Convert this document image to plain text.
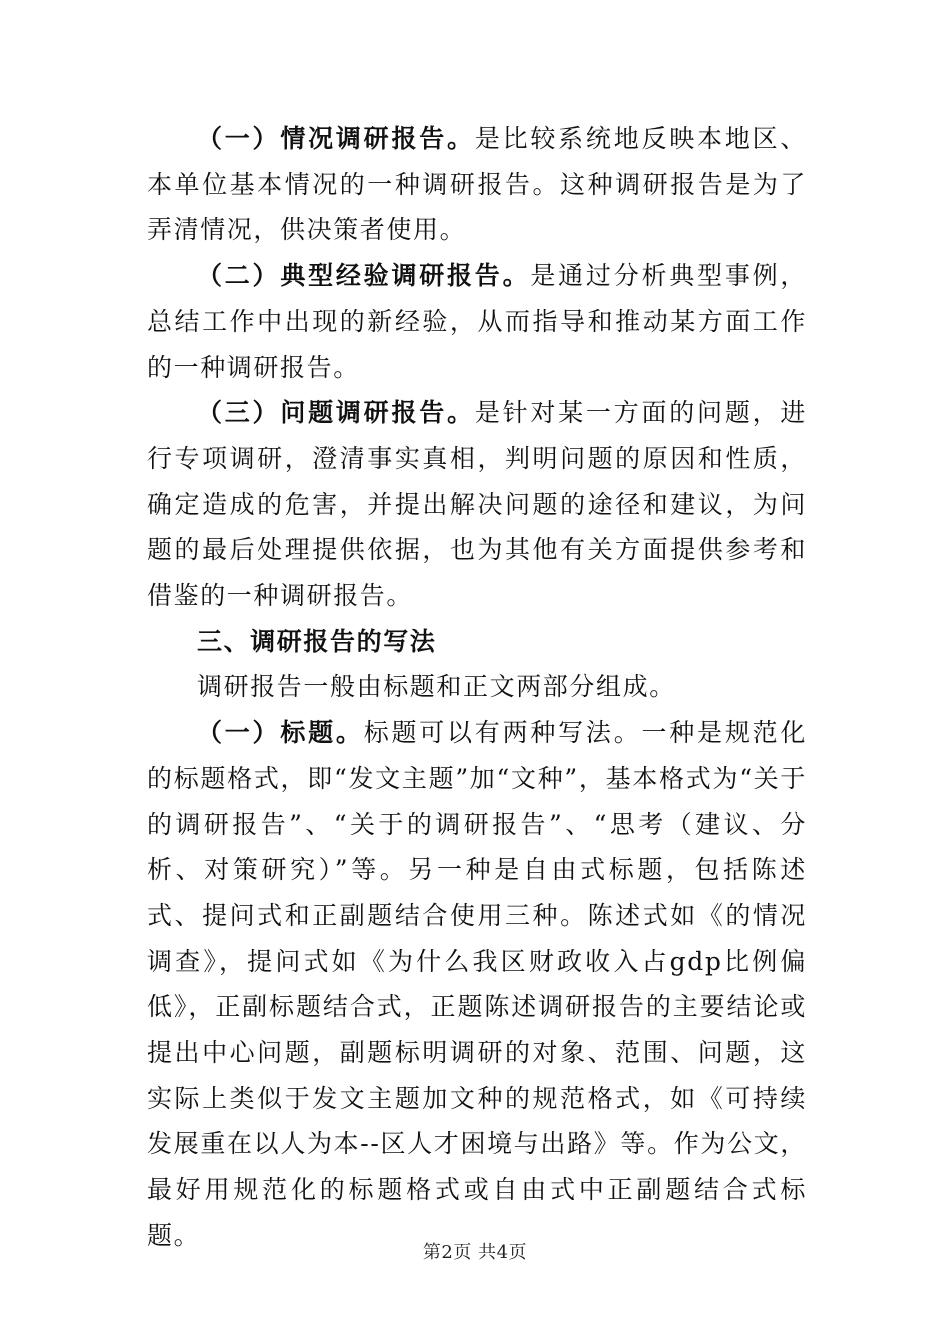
（一）情况调研报告。是比较系统地反映本地区、本单位基本情况的一种调研报告。这种调研报告是为了弄清情况，供决策者使用。

（二）典型经验调研报告。是通过分析典型事例，总结工作中出现的新经验，从而指导和推动某方面工作的一种调研报告。

（三）问题调研报告。是针对某一方面的问题，进行专项调研，澄清事实真相，判明问题的原因和性质，确定造成的危害，并提出解决问题的途径和建议，为问题的最后处理提供依据，也为其他有关方面提供参考和借鉴的一种调研报告。

三、调研报告的写法

调研报告一般由标题和正文两部分组成。

（一）标题。标题可以有两种写法。一种是规范化的标题格式，即“发文主题”加“文种”，基本格式为“关于的调研报告”、“关于的调研报告”、“思考（建议、分析、对策研究）”等。另一种是自由式标题，包括陈述式、提问式和正副题结合使用三种。陈述式如《的情况调查》，提问式如《为什么我区财政收入占gdp比例偏低》，正副标题结合式，正题陈述调研报告的主要结论或提出中心问题，副题标明调研的对象、范围、问题，这实际上类似于发文主题加文种的规范格式，如《可持续发展重在以人为本--区人才困境与出路》等。作为公文，最好用规范化的标题格式或自由式中正副题结合式标题。

第2页 共4页
